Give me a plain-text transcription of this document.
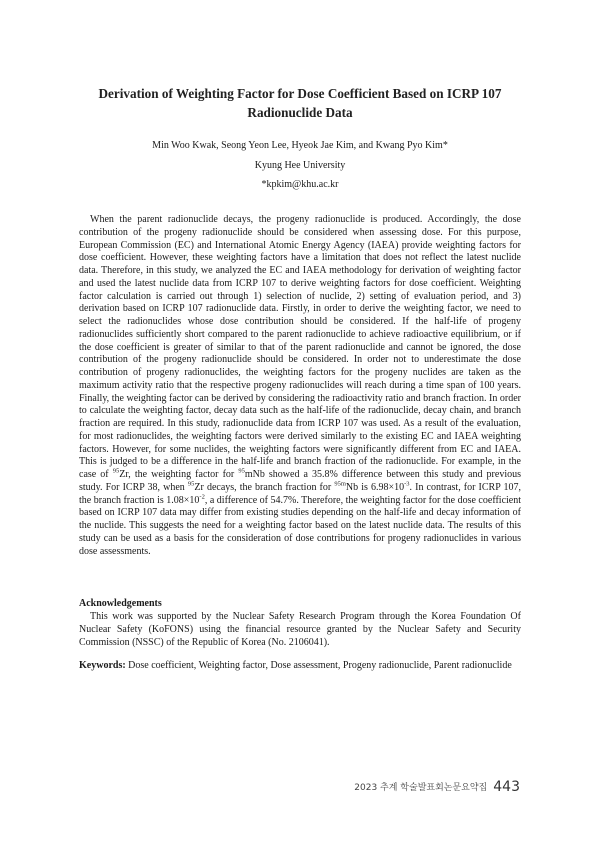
Derivation of Weighting Factor for Dose Coefficient Based on ICRP 107 Radionuclide Data
Min Woo Kwak, Seong Yeon Lee, Hyeok Jae Kim, and Kwang Pyo Kim*
Kyung Hee University
*kpkim@khu.ac.kr
When the parent radionuclide decays, the progeny radionuclide is produced. Accordingly, the dose contribution of the progeny radionuclide should be considered when assessing dose. For this purpose, European Commission (EC) and International Atomic Energy Agency (IAEA) provide weighting factors for dose coefficient. However, these weighting factors have a limitation that does not reflect the latest nuclide data. Therefore, in this study, we analyzed the EC and IAEA methodology for derivation of weighting factor and used the latest nuclide data from ICRP 107 to derive weighting factors for dose coefficient. Weighting factor calculation is carried out through 1) selection of nuclide, 2) setting of evaluation period, and 3) derivation based on ICRP 107 radionuclide data. Firstly, in order to derive the weighting factor, we need to select the radionuclides whose dose contribution should be considered. If the half-life of progeny radionuclides sufficiently short compared to the parent radionuclide to achieve radioactive equilibrium, or if the dose coefficient is greater of similar to that of the parent radionuclide and cannot be ignored, the dose contribution of the progeny radionuclide should be considered. In order not to underestimate the dose contribution of progeny radionuclides, the weighting factors for the progeny nuclides are taken as the maximum activity ratio that the respective progeny radionuclides will reach during a time span of 100 years. Finally, the weighting factor can be derived by considering the radioactivity ratio and branch fraction. In order to calculate the weighting factor, decay data such as the half-life of the radionuclide, decay chain, and branch fraction are required. In this study, radionuclide data from ICRP 107 was used. As a result of the evaluation, for most radionuclides, the weighting factors were derived similarly to the existing EC and IAEA weighting factors. However, for some nuclides, the weighting factors were significantly different from EC and IAEA. This is judged to be a difference in the half-life and branch fraction of the radionuclide. For example, in the case of $^{95}$Zr, the weighting factor for $^{95}$mNb showed a 35.8% difference between this study and previous study. For ICRP 38, when $^{95}$Zr decays, the branch fraction for $^{95m}$Nb is $6.98\times 10^{-3}$. In contrast, for ICRP 107, the branch fraction is $1.08\times 10^{-2}$, a difference of 54.7%. Therefore, the weighting factor for the dose coefficient based on ICRP 107 data may differ from existing studies depending on the half-life and decay information of the nuclide. This suggests the need for a weighting factor based on the latest nuclide data. The results of this study can be used as a basis for the consideration of dose contributions for progeny radionuclides in various dose assessments.
Acknowledgements
This work was supported by the Nuclear Safety Research Program through the Korea Foundation Of Nuclear Safety (KoFONS) using the financial resource granted by the Nuclear Safety and Security Commission (NSSC) of the Republic of Korea (No. 2106041).
Keywords: Dose coefficient, Weighting factor, Dose assessment, Progeny radionuclide, Parent radionuclide
2023 추계 학술발표회논문요약집 443
